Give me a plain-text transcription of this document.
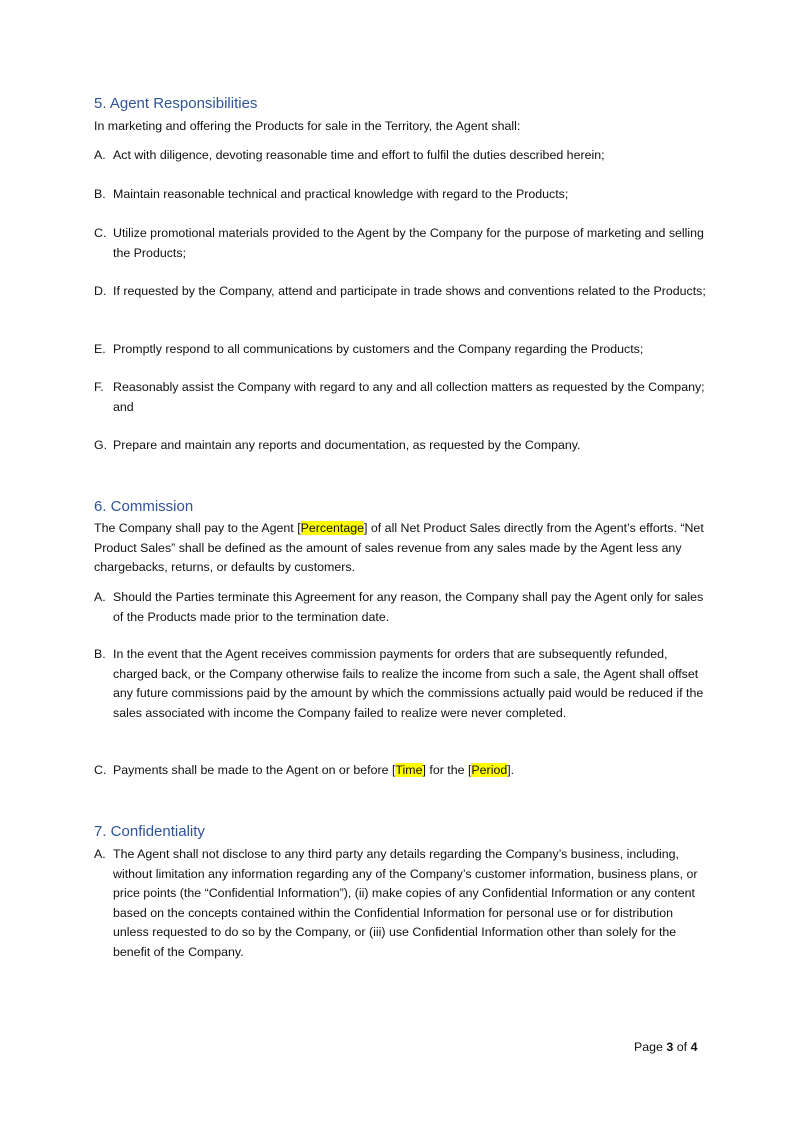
5. Agent Responsibilities
In marketing and offering the Products for sale in the Territory, the Agent shall:
A. Act with diligence, devoting reasonable time and effort to fulfil the duties described herein;
B. Maintain reasonable technical and practical knowledge with regard to the Products;
C. Utilize promotional materials provided to the Agent by the Company for the purpose of marketing and selling the Products;
D. If requested by the Company, attend and participate in trade shows and conventions related to the Products;
E. Promptly respond to all communications by customers and the Company regarding the Products;
F. Reasonably assist the Company with regard to any and all collection matters as requested by the Company; and
G. Prepare and maintain any reports and documentation, as requested by the Company.
6. Commission
The Company shall pay to the Agent [Percentage] of all Net Product Sales directly from the Agent’s efforts. “Net Product Sales” shall be defined as the amount of sales revenue from any sales made by the Agent less any chargebacks, returns, or defaults by customers.
A. Should the Parties terminate this Agreement for any reason, the Company shall pay the Agent only for sales of the Products made prior to the termination date.
B. In the event that the Agent receives commission payments for orders that are subsequently refunded, charged back, or the Company otherwise fails to realize the income from such a sale, the Agent shall offset any future commissions paid by the amount by which the commissions actually paid would be reduced if the sales associated with income the Company failed to realize were never completed.
C. Payments shall be made to the Agent on or before [Time] for the [Period].
7. Confidentiality
A. The Agent shall not disclose to any third party any details regarding the Company’s business, including, without limitation any information regarding any of the Company’s customer information, business plans, or price points (the “Confidential Information”), (ii) make copies of any Confidential Information or any content based on the concepts contained within the Confidential Information for personal use or for distribution unless requested to do so by the Company, or (iii) use Confidential Information other than solely for the benefit of the Company.
Page 3 of 4
